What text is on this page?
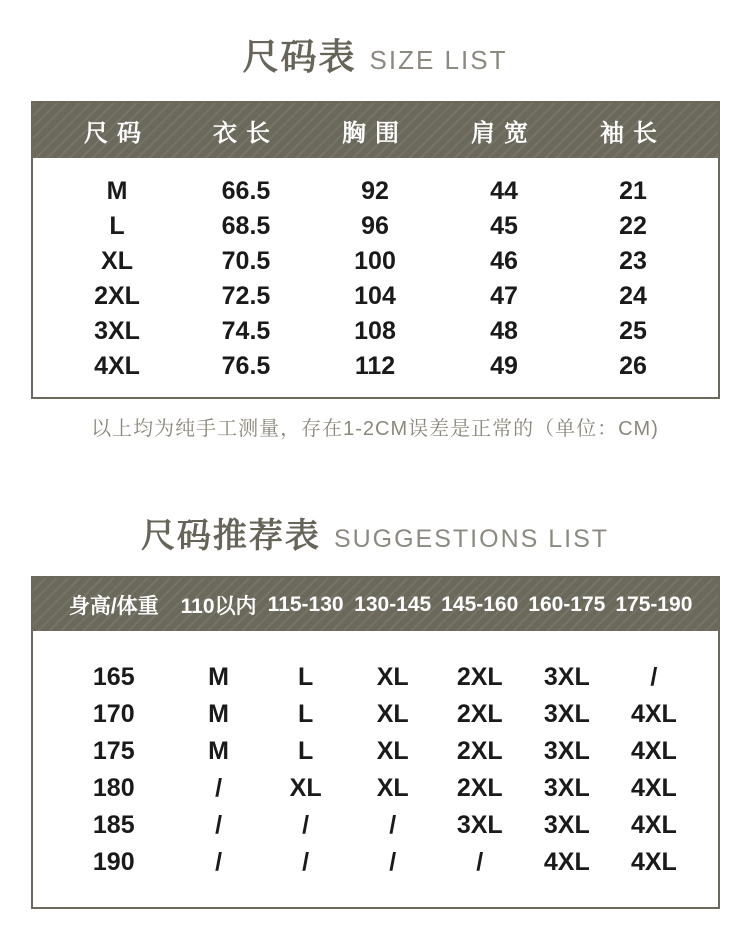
尺码表 SIZE LIST
尺码	衣长	胸围	肩宽	袖长
M	66.5	92	44	21
L	68.5	96	45	22
XL	70.5	100	46	23
2XL	72.5	104	47	24
3XL	74.5	108	48	25
4XL	76.5	112	49	26
以上均为纯手工测量，存在1-2CM误差是正常的（单位：CM)
尺码推荐表 SUGGESTIONS LIST
身高/体重	110以内 115-130 130-145 145-160 160-175 175-190
165	M	L	XL	2XL	3XL	/
170	M	L	XL	2XL	3XL	4XL
175	M	L	XL	2XL	3XL	4XL
180	/	XL	XL	2XL	3XL	4XL
185	/	/	/	3XL	3XL	4XL
190	/	/	/	/	4XL	4XL
